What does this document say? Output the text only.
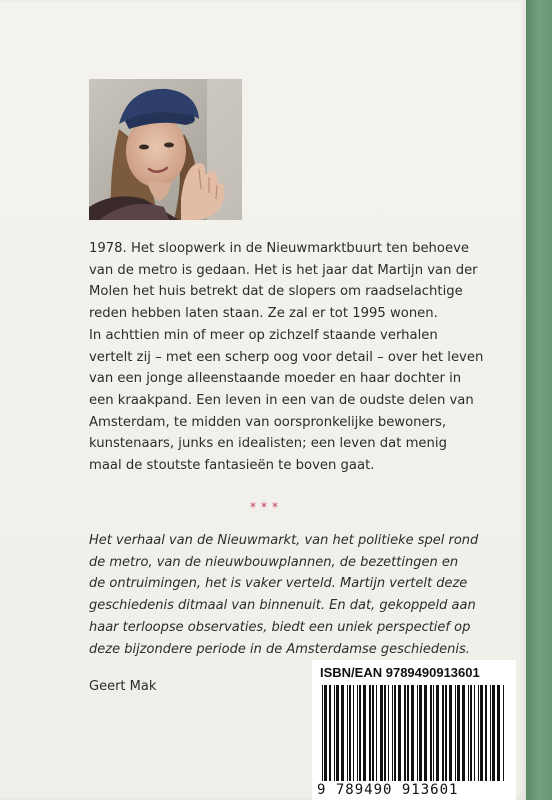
1978. Het sloopwerk in de Nieuwmarktbuurt ten behoeve
van de metro is gedaan. Het is het jaar dat Martijn van der
Molen het huis betrekt dat de slopers om raadselachtige
reden hebben laten staan. Ze zal er tot 1995 wonen.
In achttien min of meer op zichzelf staande verhalen
vertelt zij – met een scherp oog voor detail – over het leven
van een jonge alleenstaande moeder en haar dochter in
een kraakpand. Een leven in een van de oudste delen van
Amsterdam, te midden van oorspronkelijke bewoners,
kunstenaars, junks en idealisten; een leven dat menig
maal de stoutste fantasieën te boven gaat.

***

Het verhaal van de Nieuwmarkt, van het politieke spel rond
de metro, van de nieuwbouwplannen, de bezettingen en
de ontruimingen, het is vaker verteld. Martijn vertelt deze
geschiedenis ditmaal van binnenuit. En dat, gekoppeld aan
haar terloopse observaties, biedt een uniek perspectief op
deze bijzondere periode in de Amsterdamse geschiedenis.

Geert Mak
ISBN/EAN 9789490913601
9 789490 913601
